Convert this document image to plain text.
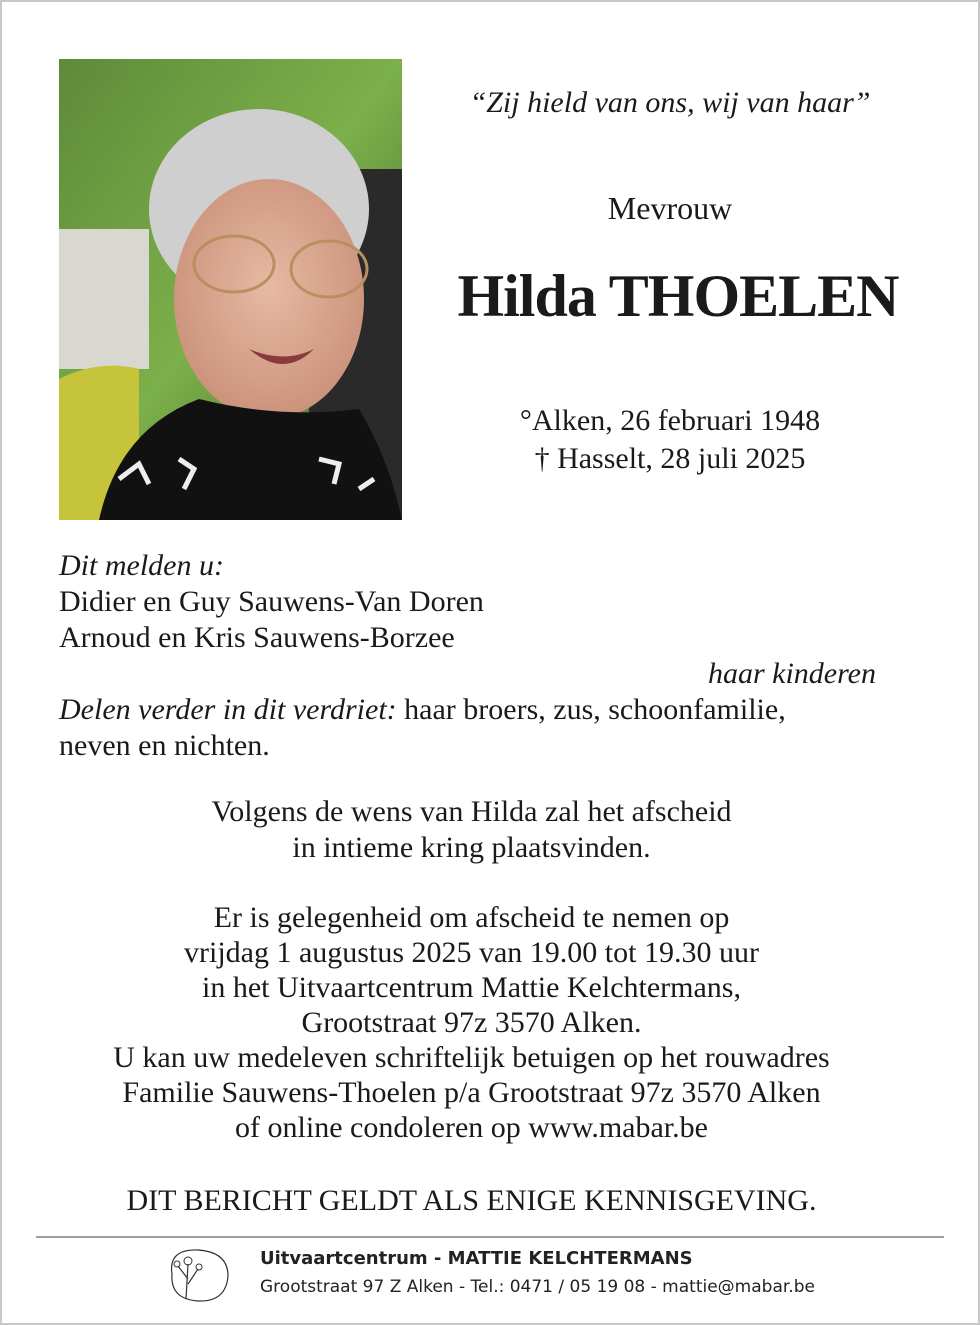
“Zij hield van ons, wij van haar”
Mevrouw
Hilda THOELEN
°Alken, 26 februari 1948
† Hasselt, 28 juli 2025
Dit melden u:
Didier en Guy Sauwens-Van Doren
Arnoud en Kris Sauwens-Borzee
haar kinderen
Delen verder in dit verdriet: haar broers, zus, schoonfamilie,
neven en nichten.
Volgens de wens van Hilda zal het afscheid
in intieme kring plaatsvinden.
Er is gelegenheid om afscheid te nemen op
vrijdag 1 augustus 2025 van 19.00 tot 19.30 uur
in het Uitvaartcentrum Mattie Kelchtermans,
Grootstraat 97z 3570 Alken.
U kan uw medeleven schriftelijk betuigen op het rouwadres
Familie Sauwens-Thoelen p/a Grootstraat 97z 3570 Alken
of online condoleren op www.mabar.be
DIT BERICHT GELDT ALS ENIGE KENNISGEVING.
Uitvaartcentrum - MATTIE KELCHTERMANS
Grootstraat 97 Z Alken - Tel.: 0471 / 05 19 08 - mattie@mabar.be
